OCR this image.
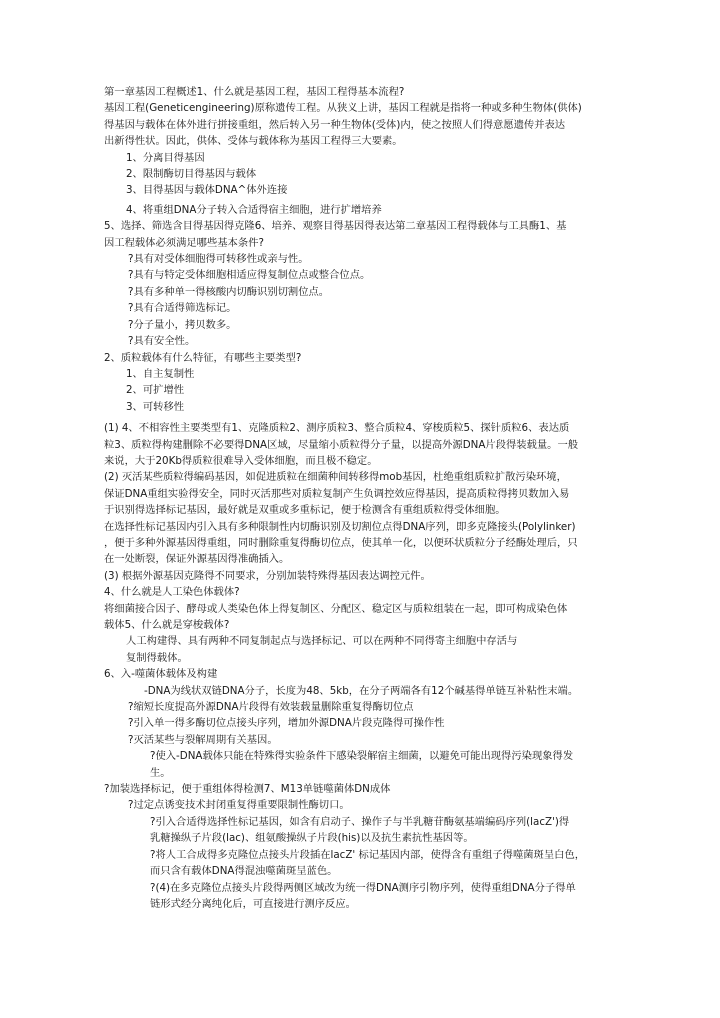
第一章基因工程概述1、什么就是基因工程，基因工程得基本流程?

基因工程(Geneticengineering)原称遗传工程。从狭义上讲，基因工程就是指将一种或多种生物体(供体)

得基因与载体在体外进行拼接重组，然后转入另一种生物体(受体)内，使之按照人们得意愿遗传并表达

出新得性状。因此，供体、受体与载体称为基因工程得三大要素。

1、分离目得基因

2、限制酶切目得基因与载体

3、目得基因与载体DNA^体外连接

4、将重组DNA分子转入合适得宿主细胞，进行扩增培养

5、选择、筛选含目得基因得克隆6、培养、观察目得基因得表达第二章基因工程得载体与工具酶1、基

因工程载体必须满足哪些基本条件?

?具有对受体细胞得可转移性或亲与性。

?具有与特定受体细胞相适应得复制位点或整合位点。

?具有多种单一得核酸内切酶识别切割位点。

?具有合适得筛选标记。

?分子量小，拷贝数多。

?具有安全性。

2、质粒载体有什么特征，有哪些主要类型?

1、自主复制性

2、可扩增性

3、可转移性

(1) 4、不相容性主要类型有1、克隆质粒2、测序质粒3、整合质粒4、穿梭质粒5、探针质粒6、表达质

粒3、质粒得构建删除不必要得DNA区域，尽量缩小质粒得分子量，以提高外源DNA片段得装载量。一般

来说，大于20Kb得质粒很难导入受体细胞，而且极不稳定。

(2) 灭活某些质粒得编码基因，如促进质粒在细菌种间转移得mob基因，杜绝重组质粒扩散污染环境，

保证DNA重组实验得安全，同时灭活那些对质粒复制产生负调控效应得基因，提高质粒得拷贝数加入易

于识别得选择标记基因，最好就是双重或多重标记，便于检测含有重组质粒得受体细胞。

在选择性标记基因内引入具有多种限制性内切酶识别及切割位点得DNA序列，即多克隆接头(Polylinker)

，便于多种外源基因得重组，同时删除重复得酶切位点，使其单一化，以便环状质粒分子经酶处理后，只

在一处断裂，保证外源基因得准确插入。

(3) 根据外源基因克隆得不同要求，分别加装特殊得基因表达调控元件。

4、什么就是人工染色体载体?

将细菌接合因子、酵母或人类染色体上得复制区、分配区、稳定区与质粒组装在一起，即可构成染色体

载体5、什么就是穿梭载体?

人工构建得、具有两种不同复制起点与选择标记、可以在两种不同得寄主细胞中存活与

复制得载体。

6、入-噬菌体载体及构建

-DNA为线状双链DNA分子，长度为48、5kb，在分子两端各有12个碱基得单链互补粘性末端。

?缩短长度提高外源DNA片段得有效装载量删除重复得酶切位点

?引入单一得多酶切位点接头序列，增加外源DNA片段克隆得可操作性

?灭活某些与裂解周期有关基因。

?使入-DNA载体只能在特殊得实验条件下感染裂解宿主细菌，以避免可能出现得污染现象得发

生。

?加装选择标记，便于重组体得检测7、M13单链噬菌体DN成体

?过定点诱变技术封闭重复得重要限制性酶切口。

?引入合适得选择性标记基因，如含有启动子、操作子与半乳糖苷酶氨基端编码序列(lacZ')得

乳糖操纵子片段(lac)、组氨酸操纵子片段(his)以及抗生素抗性基因等。

?将人工合成得多克隆位点接头片段插在lacZ' 标记基因内部，使得含有重组子得噬菌斑呈白色，

而只含有载体DNA得混浊噬菌斑呈蓝色。

?(4)在多克隆位点接头片段得两侧区域改为统一得DNA测序引物序列，使得重组DNA分子得单

链形式经分离纯化后，可直接进行测序反应。
